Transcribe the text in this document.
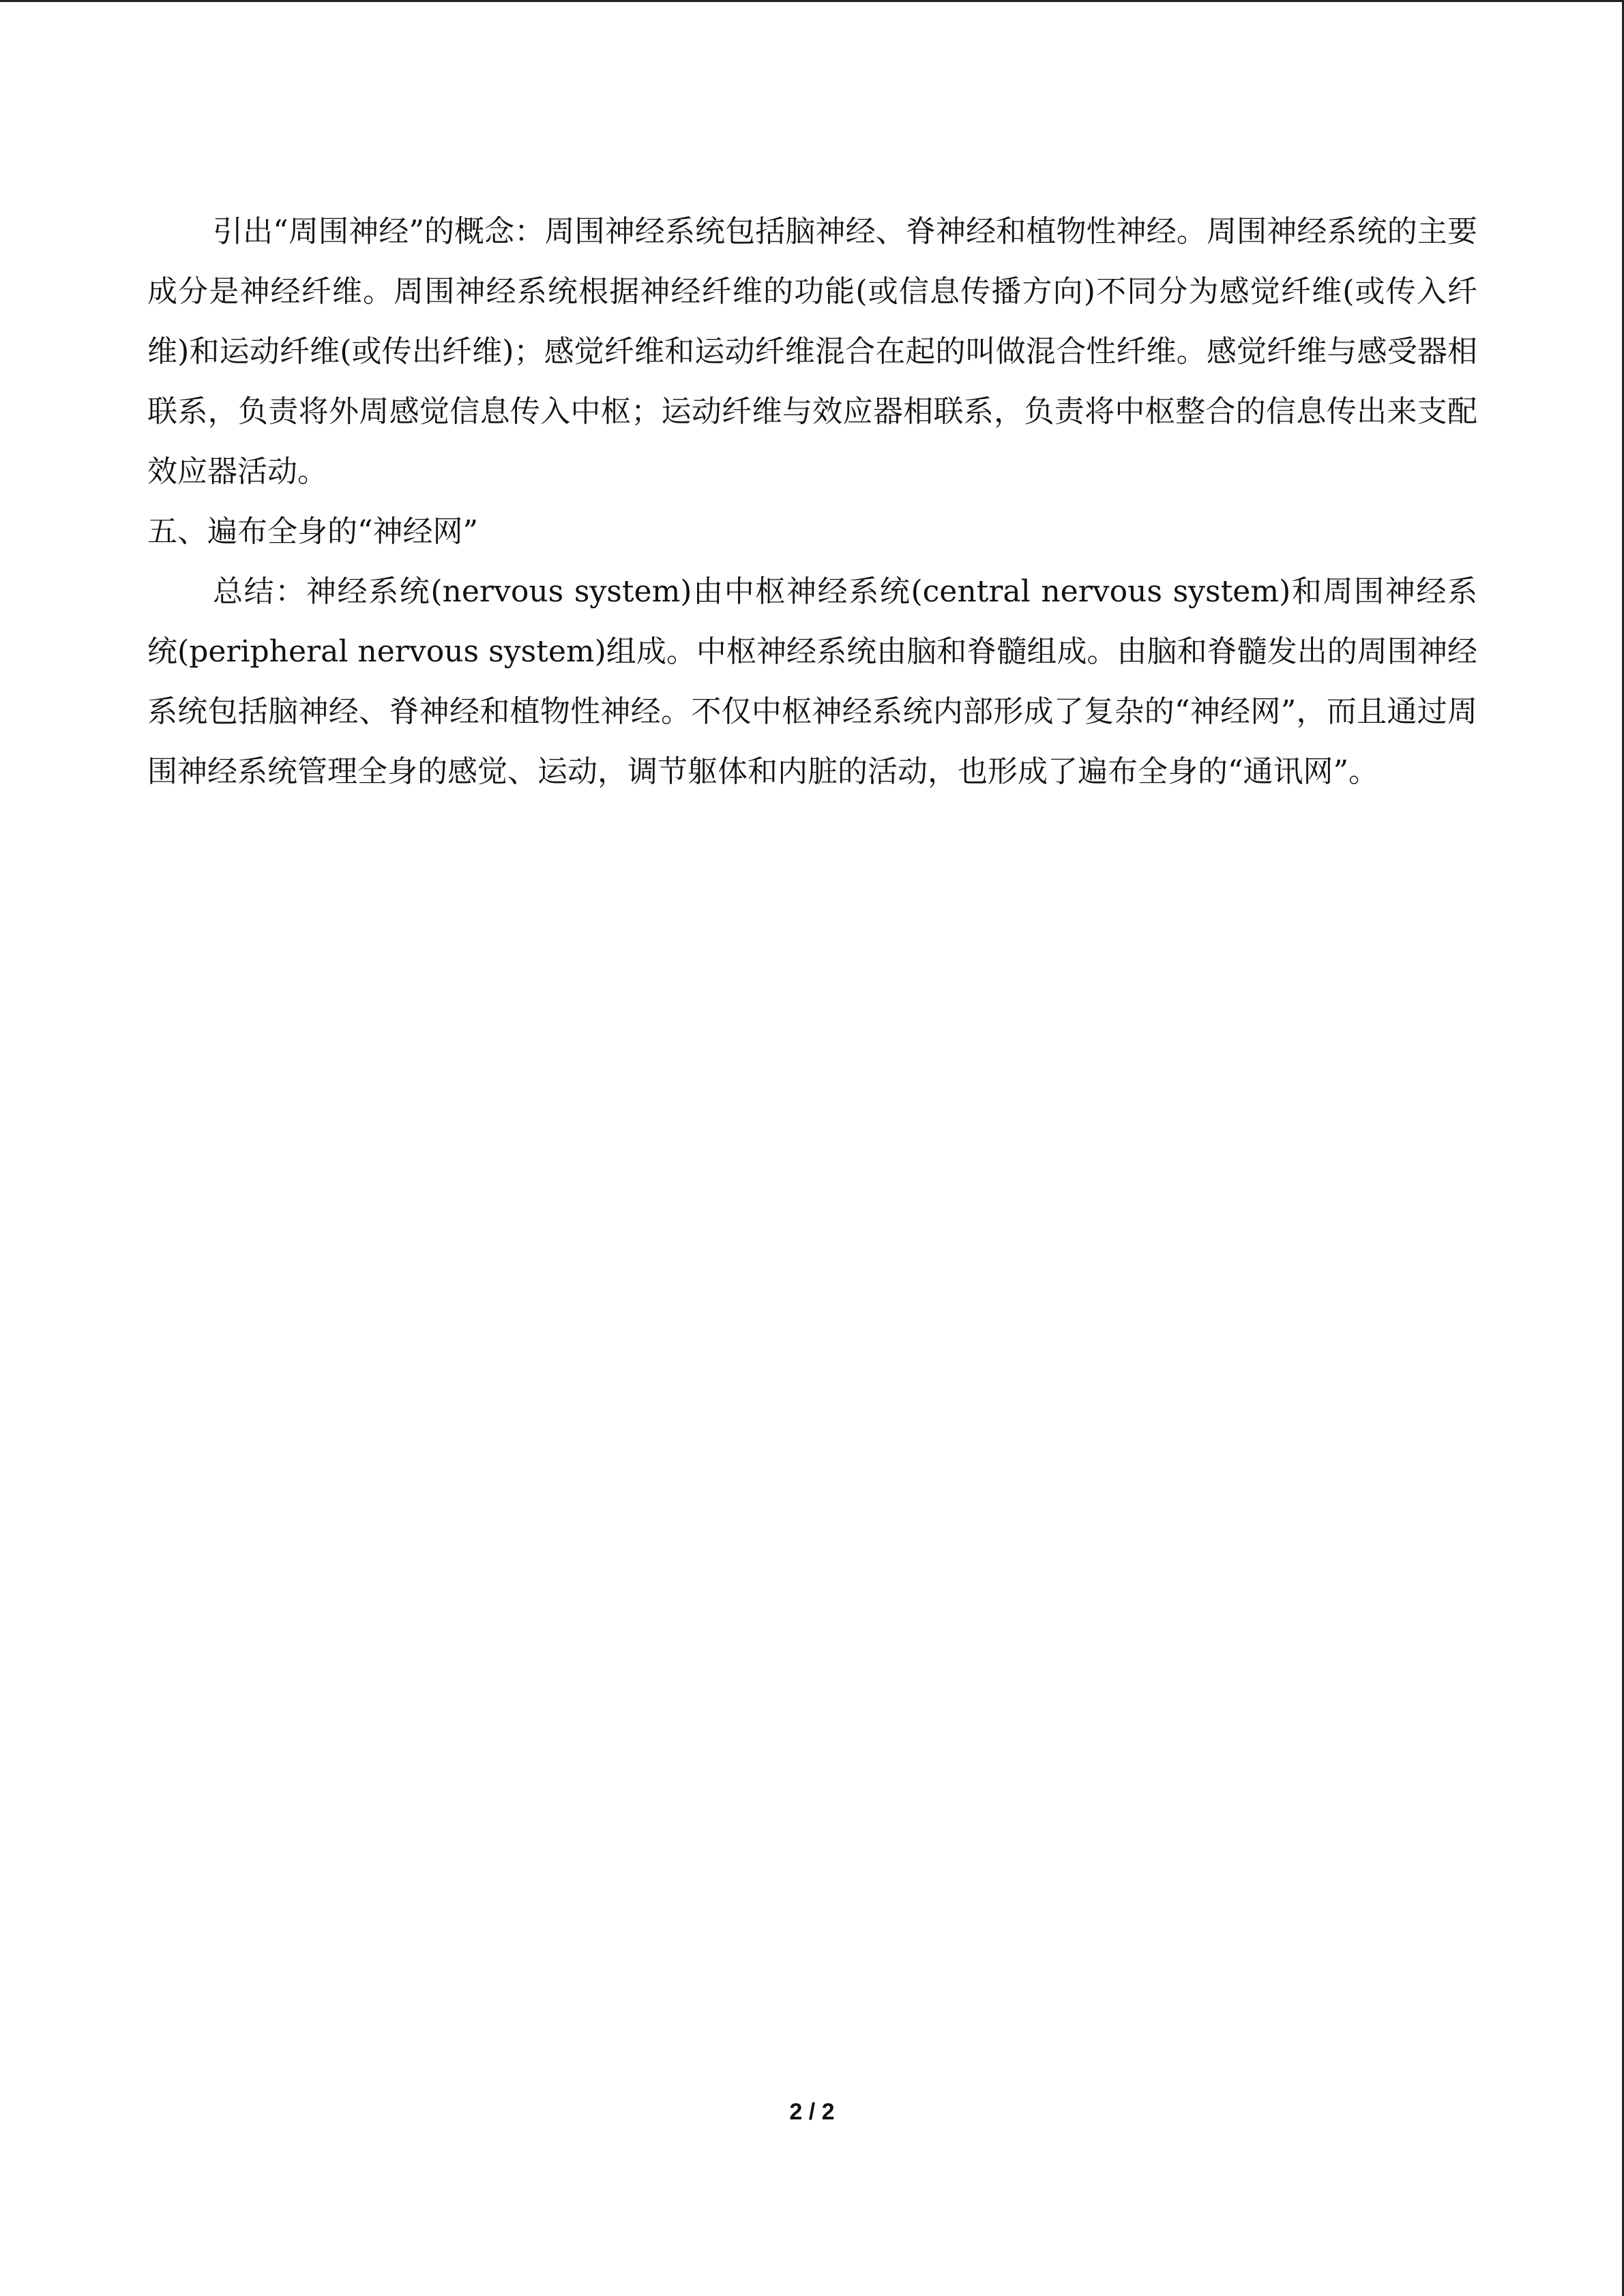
引出“周围神经”的概念：周围神经系统包括脑神经、脊神经和植物性神经。周围神经系统的主要成分是神经纤维。周围神经系统根据神经纤维的功能(或信息传播方向)不同分为感觉纤维(或传入纤维)和运动纤维(或传出纤维)；感觉纤维和运动纤维混合在起的叫做混合性纤维。感觉纤维与感受器相联系，负责将外周感觉信息传入中枢；运动纤维与效应器相联系，负责将中枢整合的信息传出来支配效应器活动。

五、遍布全身的“神经网”

总结：神经系统(nervous system)由中枢神经系统(central nervous system)和周围神经系统(peripheral nervous system)组成。中枢神经系统由脑和脊髓组成。由脑和脊髓发出的周围神经系统包括脑神经、脊神经和植物性神经。不仅中枢神经系统内部形成了复杂的“神经网”，而且通过周围神经系统管理全身的感觉、运动，调节躯体和内脏的活动，也形成了遍布全身的“通讯网”。

2 / 2
